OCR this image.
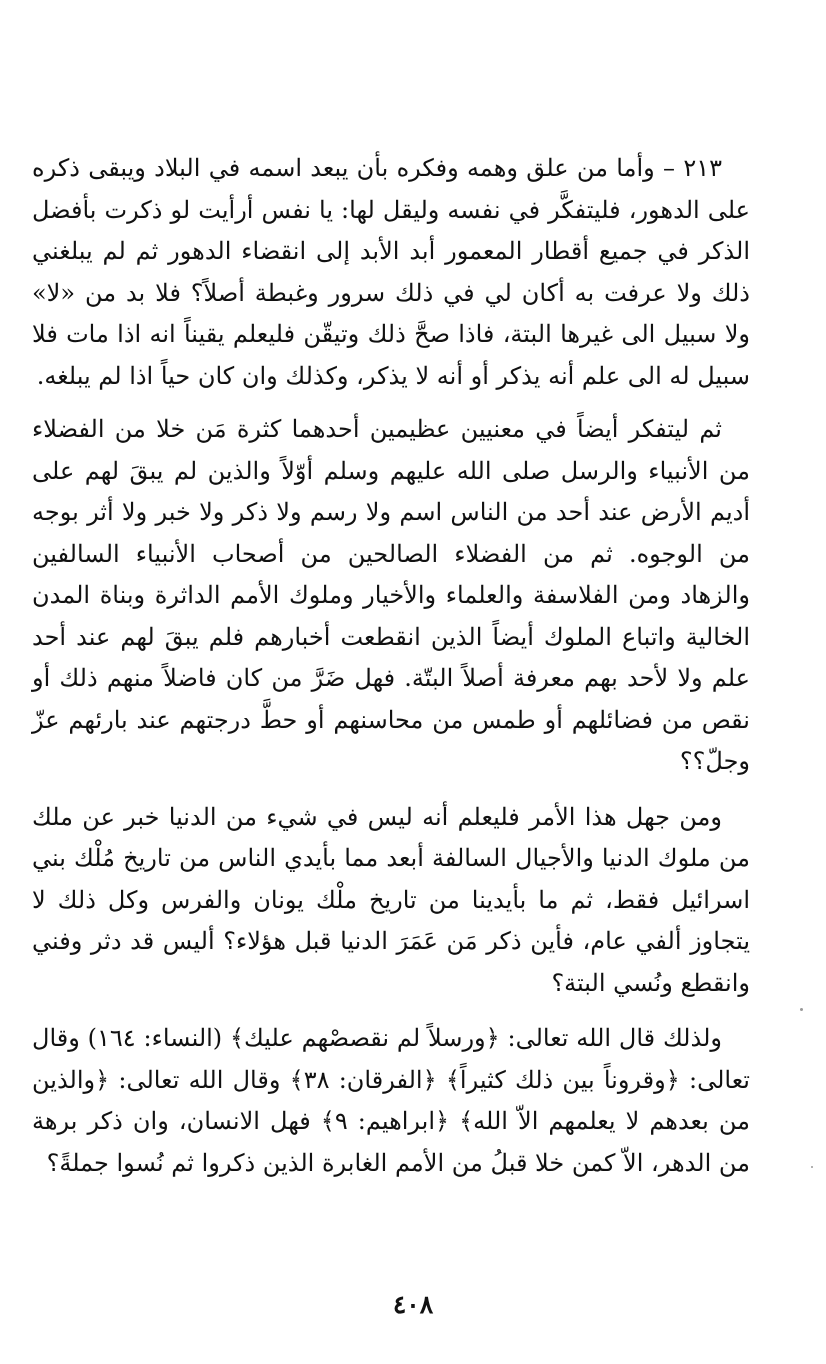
٢١٣ – وأما من علق وهمه وفكره بأن يبعد اسمه في البلاد ويبقى ذكره على الدهور، فليتفكَّر في نفسه وليقل لها: يا نفس أرأيت لو ذكرت بأفضل الذكر في جميع أقطار المعمور أبد الأبد إلى انقضاء الدهور ثم لم يبلغني ذلك ولا عرفت به أكان لي في ذلك سرور وغبطة أصلاً؟ فلا بد من «لا» ولا سبيل الى غيرها البتة، فاذا صحَّ ذلك وتيقّن فليعلم يقيناً انه اذا مات فلا سبيل له الى علم أنه يذكر أو أنه لا يذكر، وكذلك وان كان حياً اذا لم يبلغه.

ثم ليتفكر أيضاً في معنيين عظيمين أحدهما كثرة مَن خلا من الفضلاء من الأنبياء والرسل صلى الله عليهم وسلم أوّلاً والذين لم يبقَ لهم على أديم الأرض عند أحد من الناس اسم ولا رسم ولا ذكر ولا خبر ولا أثر بوجه من الوجوه. ثم من الفضلاء الصالحين من أصحاب الأنبياء السالفين والزهاد ومن الفلاسفة والعلماء والأخيار وملوك الأمم الداثرة وبناة المدن الخالية واتباع الملوك أيضاً الذين انقطعت أخبارهم فلم يبقَ لهم عند أحد علم ولا لأحد بهم معرفة أصلاً البتّة. فهل ضَرَّ من كان فاضلاً منهم ذلك أو نقص من فضائلهم أو طمس من محاسنهم أو حطَّ درجتهم عند بارئهم عزّ وجلّ؟؟

ومن جهل هذا الأمر فليعلم أنه ليس في شيء من الدنيا خبر عن ملك من ملوك الدنيا والأجيال السالفة أبعد مما بأيدي الناس من تاريخ مُلْك بني اسرائيل فقط، ثم ما بأيدينا من تاريخ ملْك يونان والفرس وكل ذلك لا يتجاوز ألفي عام، فأين ذكر مَن عَمَرَ الدنيا قبل هؤلاء؟ أليس قد دثر وفني وانقطع ونُسي البتة؟

ولذلك قال الله تعالى: ﴿ورسلاً لم نقصصْهم عليك﴾ (النساء: ١٦٤) وقال تعالى: ﴿وقروناً بين ذلك كثيراً﴾ ﴿الفرقان: ٣٨﴾ وقال الله تعالى: ﴿والذين من بعدهم لا يعلمهم الاّ الله﴾ ﴿ابراهيم: ٩﴾ فهل الانسان، وان ذكر برهة من الدهر، الاّ كمن خلا قبلُ من الأمم الغابرة الذين ذكروا ثم نُسوا جملةً؟

٤٠٨
